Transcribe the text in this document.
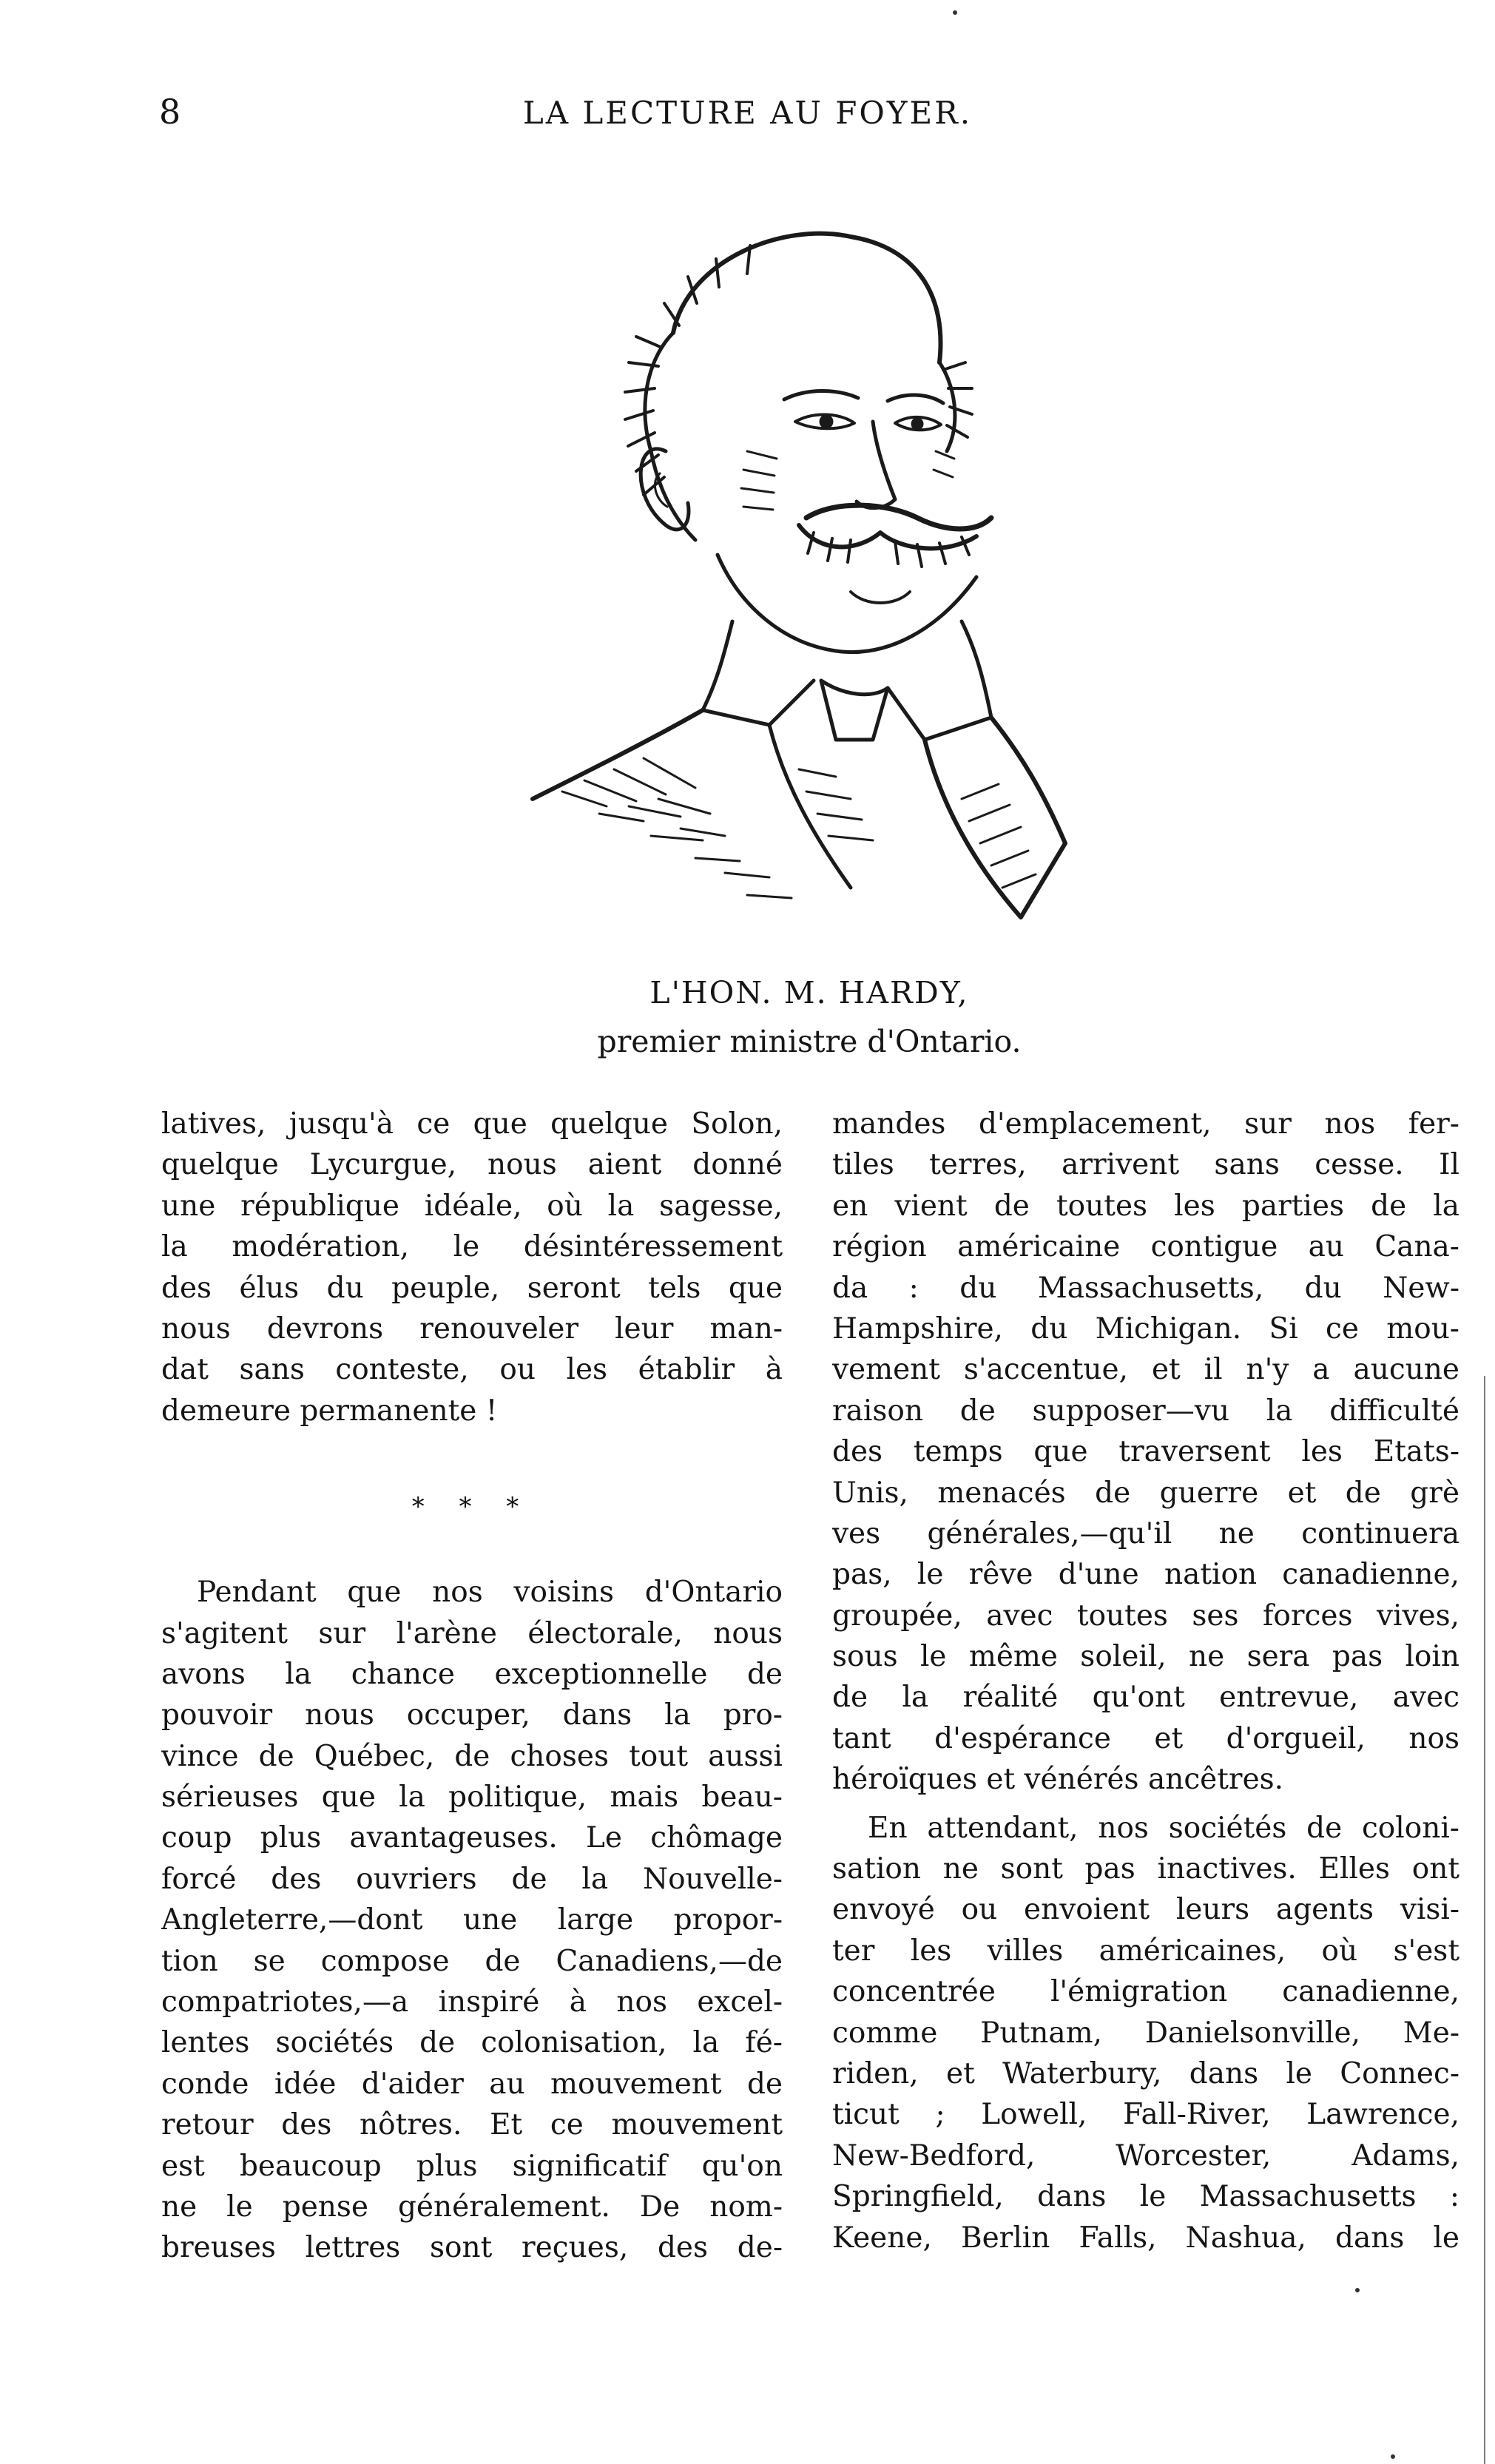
8	LA LECTURE AU FOYER.
L'HON. M. HARDY,
premier ministre d'Ontario.
latives, jusqu'à ce que quelque Solon,
quelque Lycurgue, nous aient donné
une république idéale, où la sagesse,
la modération, le désintéressement
des élus du peuple, seront tels que
nous devrons renouveler leur man-
dat sans conteste, ou les établir à
demeure permanente !
* * *
Pendant que nos voisins d'Ontario
s'agitent sur l'arène électorale, nous
avons la chance exceptionnelle de
pouvoir nous occuper, dans la pro-
vince de Québec, de choses tout aussi
sérieuses que la politique, mais beau-
coup plus avantageuses. Le chômage
forcé des ouvriers de la Nouvelle-
Angleterre,—dont une large propor-
tion se compose de Canadiens,—de
compatriotes,—a inspiré à nos excel-
lentes sociétés de colonisation, la fé-
conde idée d'aider au mouvement de
retour des nôtres. Et ce mouvement
est beaucoup plus significatif qu'on
ne le pense généralement. De nom-
breuses lettres sont reçues, des de-
mandes d'emplacement, sur nos fer-
tiles terres, arrivent sans cesse. Il
en vient de toutes les parties de la
région américaine contigue au Cana-
da : du Massachusetts, du New-
Hampshire, du Michigan. Si ce mou-
vement s'accentue, et il n'y a aucune
raison de supposer—vu la difficulté
des temps que traversent les Etats-
Unis, menacés de guerre et de grè
ves générales,—qu'il ne continuera
pas, le rêve d'une nation canadienne,
groupée, avec toutes ses forces vives,
sous le même soleil, ne sera pas loin
de la réalité qu'ont entrevue, avec
tant d'espérance et d'orgueil, nos
héroïques et vénérés ancêtres.
En attendant, nos sociétés de coloni-
sation ne sont pas inactives. Elles ont
envoyé ou envoient leurs agents visi-
ter les villes américaines, où s'est
concentrée l'émigration canadienne,
comme Putnam, Danielsonville, Me-
riden, et Waterbury, dans le Connec-
ticut ; Lowell, Fall-River, Lawrence,
New-Bedford, Worcester, Adams,
Springfield, dans le Massachusetts :
Keene, Berlin Falls, Nashua, dans le
